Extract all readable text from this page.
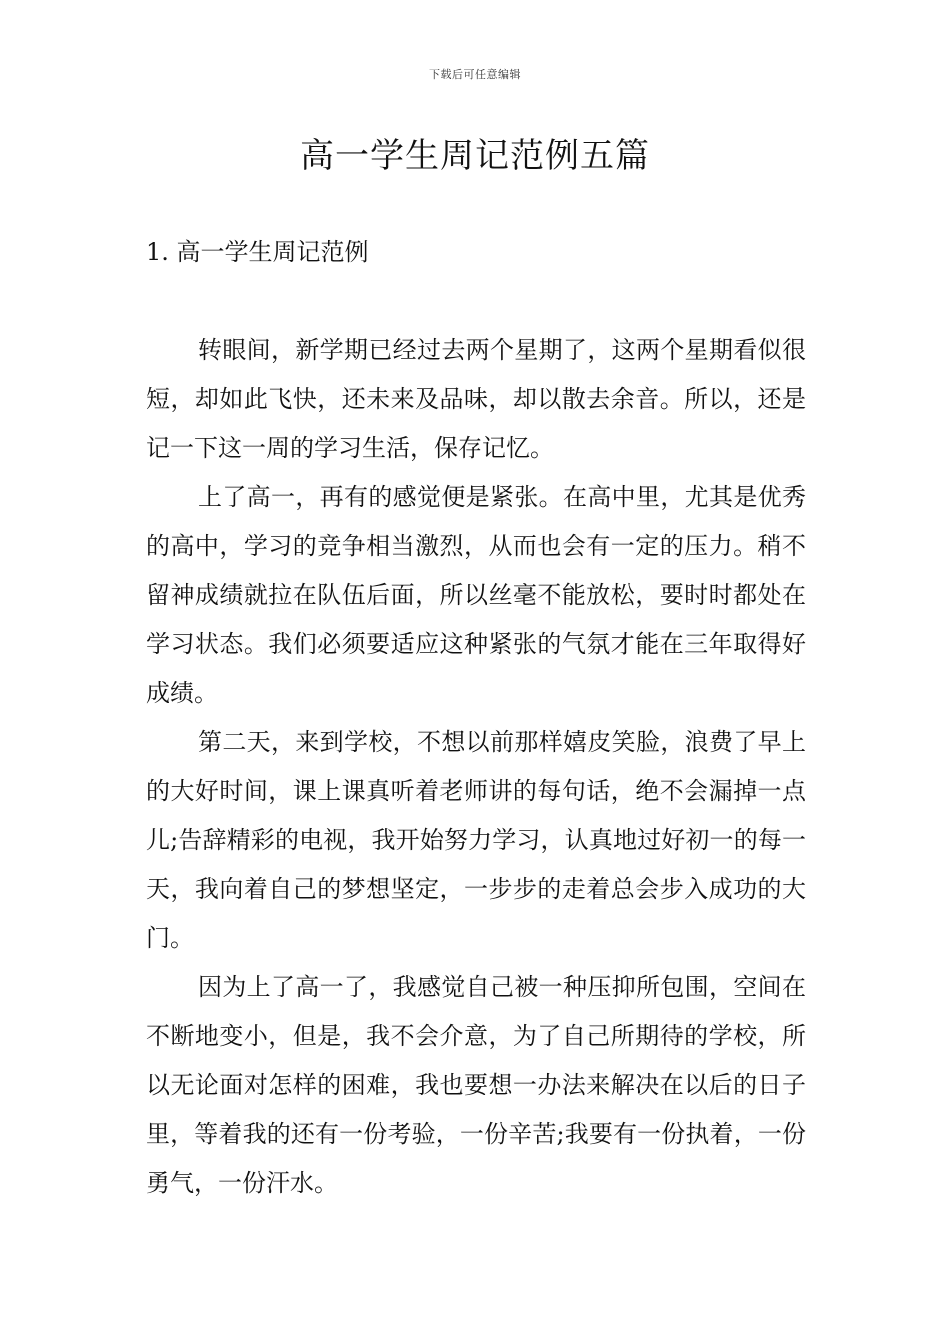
下载后可任意编辑
高一学生周记范例五篇
1. 高一学生周记范例

转眼间，新学期已经过去两个星期了，这两个星期看似很短，却如此飞快，还未来及品味，却以散去余音。所以，还是记一下这一周的学习生活，保存记忆。

上了高一，再有的感觉便是紧张。在高中里，尤其是优秀的高中，学习的竞争相当激烈，从而也会有一定的压力。稍不留神成绩就拉在队伍后面，所以丝毫不能放松，要时时都处在学习状态。我们必须要适应这种紧张的气氛才能在三年取得好成绩。

第二天，来到学校，不想以前那样嬉皮笑脸，浪费了早上的大好时间，课上课真听着老师讲的每句话，绝不会漏掉一点儿;告辞精彩的电视，我开始努力学习，认真地过好初一的每一天，我向着自己的梦想坚定，一步步的走着总会步入成功的大门。

因为上了高一了，我感觉自己被一种压抑所包围，空间在不断地变小，但是，我不会介意，为了自己所期待的学校，所以无论面对怎样的困难，我也要想一办法来解决在以后的日子里，等着我的还有一份考验，一份辛苦;我要有一份执着，一份勇气，一份汗水。
